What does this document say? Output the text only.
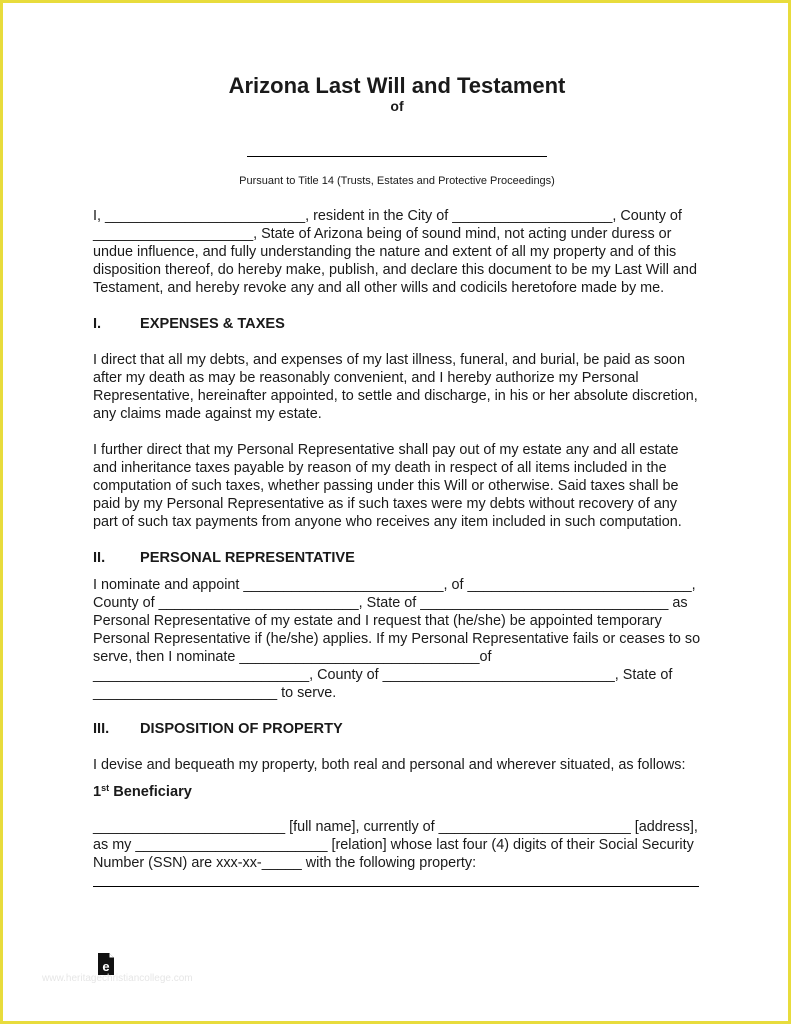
Arizona Last Will and Testament
of
Pursuant to Title 14 (Trusts, Estates and Protective Proceedings)

I, _________________________, resident in the City of ____________________, County of ____________________, State of Arizona being of sound mind, not acting under duress or undue influence, and fully understanding the nature and extent of all my property and of this disposition thereof, do hereby make, publish, and declare this document to be my Last Will and Testament, and hereby revoke any and all other wills and codicils heretofore made by me.

I.	EXPENSES & TAXES

I direct that all my debts, and expenses of my last illness, funeral, and burial, be paid as soon after my death as may be reasonably convenient, and I hereby authorize my Personal Representative, hereinafter appointed, to settle and discharge, in his or her absolute discretion, any claims made against my estate.

I further direct that my Personal Representative shall pay out of my estate any and all estate and inheritance taxes payable by reason of my death in respect of all items included in the computation of such taxes, whether passing under this Will or otherwise. Said taxes shall be paid by my Personal Representative as if such taxes were my debts without recovery of any part of such tax payments from anyone who receives any item included in such computation.

II.	PERSONAL REPRESENTATIVE

I nominate and appoint _________________________, of ____________________________, County of _________________________, State of _______________________________ as Personal Representative of my estate and I request that (he/she) be appointed temporary Personal Representative if (he/she) applies. If my Personal Representative fails or ceases to so serve, then I nominate ______________________________of ___________________________, County of _____________________________, State of _______________________ to serve.

III.	DISPOSITION OF PROPERTY

I devise and bequeath my property, both real and personal and wherever situated, as follows:

1st Beneficiary

________________________ [full name], currently of ________________________ [address], as my ________________________ [relation] whose last four (4) digits of their Social Security Number (SSN) are xxx-xx-_____ with the following property:

e
www.heritagechristiancollege.com
